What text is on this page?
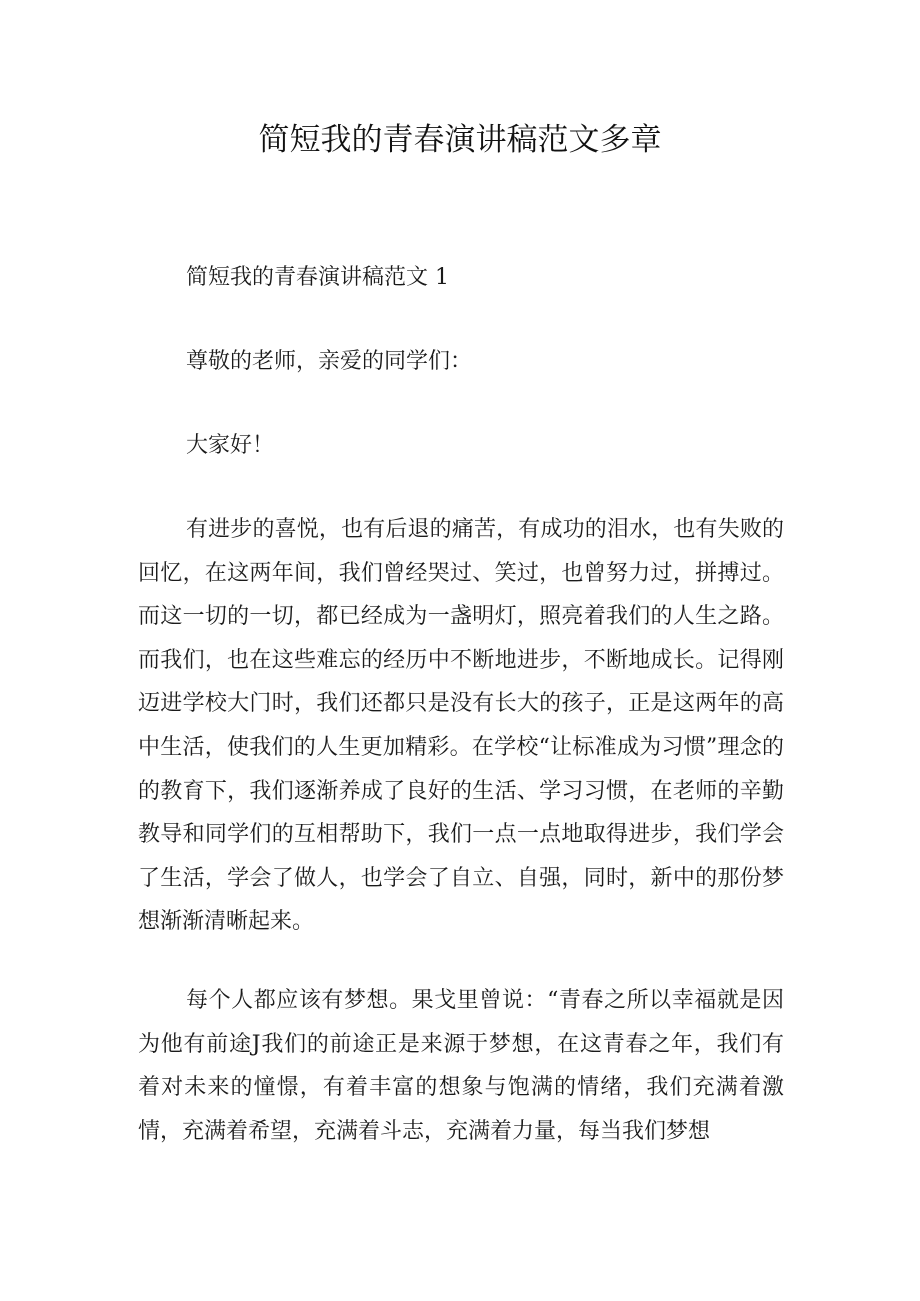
简短我的青春演讲稿范文多章

简短我的青春演讲稿范文 1

尊敬的老师，亲爱的同学们：

大家好！

有进步的喜悦，也有后退的痛苦，有成功的泪水，也有失败的回忆，在这两年间，我们曾经哭过、笑过，也曾努力过，拼搏过。而这一切的一切，都已经成为一盏明灯，照亮着我们的人生之路。而我们，也在这些难忘的经历中不断地进步，不断地成长。记得刚迈进学校大门时，我们还都只是没有长大的孩子，正是这两年的高中生活，使我们的人生更加精彩。在学校“让标准成为习惯”理念的的教育下，我们逐渐养成了良好的生活、学习习惯，在老师的辛勤教导和同学们的互相帮助下，我们一点一点地取得进步，我们学会了生活，学会了做人，也学会了自立、自强，同时，新中的那份梦想渐渐清晰起来。

每个人都应该有梦想。果戈里曾说：“青春之所以幸福就是因为他有前途J我们的前途正是来源于梦想，在这青春之年，我们有着对未来的憧憬，有着丰富的想象与饱满的情绪，我们充满着激情，充满着希望，充满着斗志，充满着力量，每当我们梦想
